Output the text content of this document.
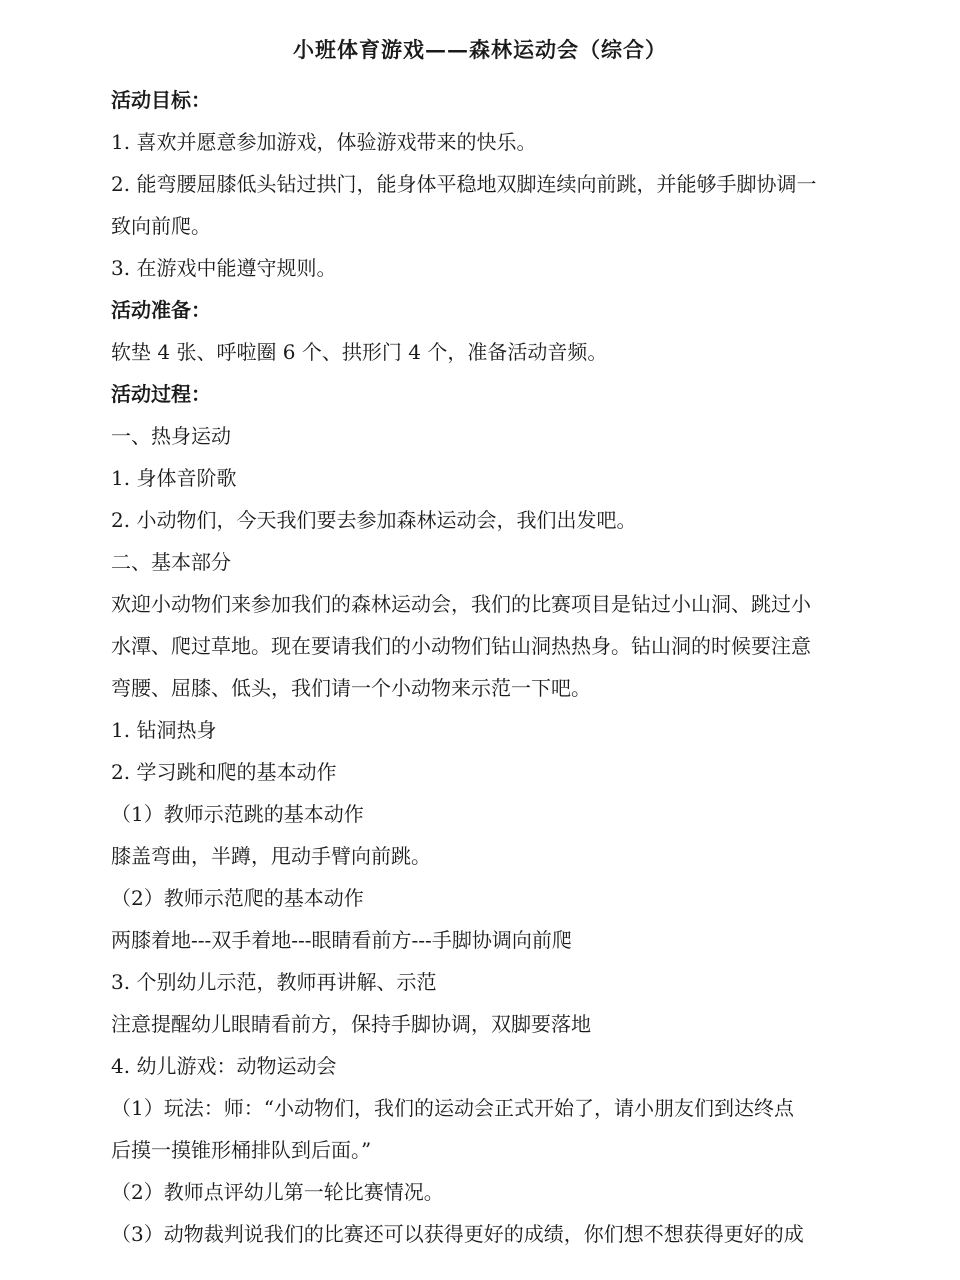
小班体育游戏——森林运动会（综合）
活动目标：
1. 喜欢并愿意参加游戏，体验游戏带来的快乐。
2. 能弯腰屈膝低头钻过拱门，能身体平稳地双脚连续向前跳，并能够手脚协调一
致向前爬。
3. 在游戏中能遵守规则。
活动准备：
软垫 4 张、呼啦圈 6 个、拱形门 4 个，准备活动音频。
活动过程：
一、热身运动
1. 身体音阶歌
2. 小动物们，今天我们要去参加森林运动会，我们出发吧。
二、基本部分
欢迎小动物们来参加我们的森林运动会，我们的比赛项目是钻过小山洞、跳过小
水潭、爬过草地。现在要请我们的小动物们钻山洞热热身。钻山洞的时候要注意
弯腰、屈膝、低头，我们请一个小动物来示范一下吧。
1. 钻洞热身
2. 学习跳和爬的基本动作
（1）教师示范跳的基本动作
膝盖弯曲，半蹲，甩动手臂向前跳。
（2）教师示范爬的基本动作
两膝着地---双手着地---眼睛看前方---手脚协调向前爬
3. 个别幼儿示范，教师再讲解、示范
注意提醒幼儿眼睛看前方，保持手脚协调，双脚要落地
4. 幼儿游戏：动物运动会
（1）玩法：师：“小动物们，我们的运动会正式开始了，请小朋友们到达终点
后摸一摸锥形桶排队到后面。”
（2）教师点评幼儿第一轮比赛情况。
（3）动物裁判说我们的比赛还可以获得更好的成绩，你们想不想获得更好的成
